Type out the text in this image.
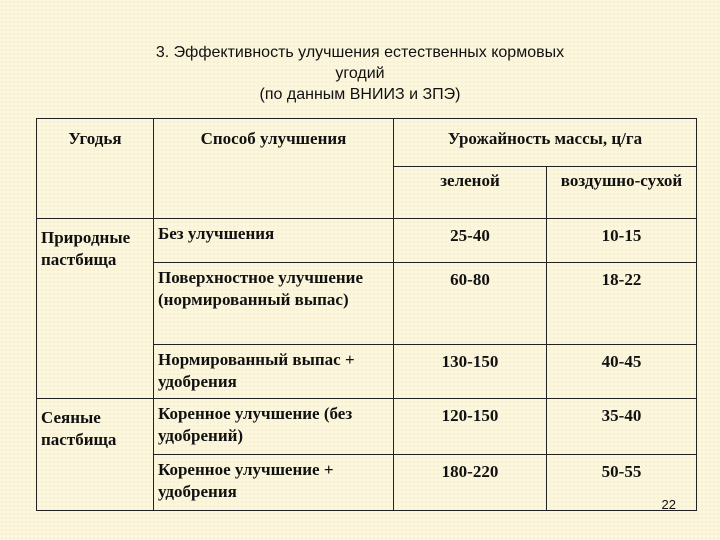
3. Эффективность улучшения естественных кормовых
угодий
(по данным ВНИИЗ и ЗПЭ)
Угодья	Способ улучшения	Урожайность массы, ц/га	
		зеленой	воздушно-сухой
Природные пастбища	Без улучшения	25-40	10-15
	Поверхностное улучшение (нормированный выпас)	60-80	18-22
	Нормированный выпас + удобрения	130-150	40-45
Сеяные пастбища	Коренное улучшение (без удобрений)	120-150	35-40
	Коренное улучшение + удобрения	180-220	50-55
22
